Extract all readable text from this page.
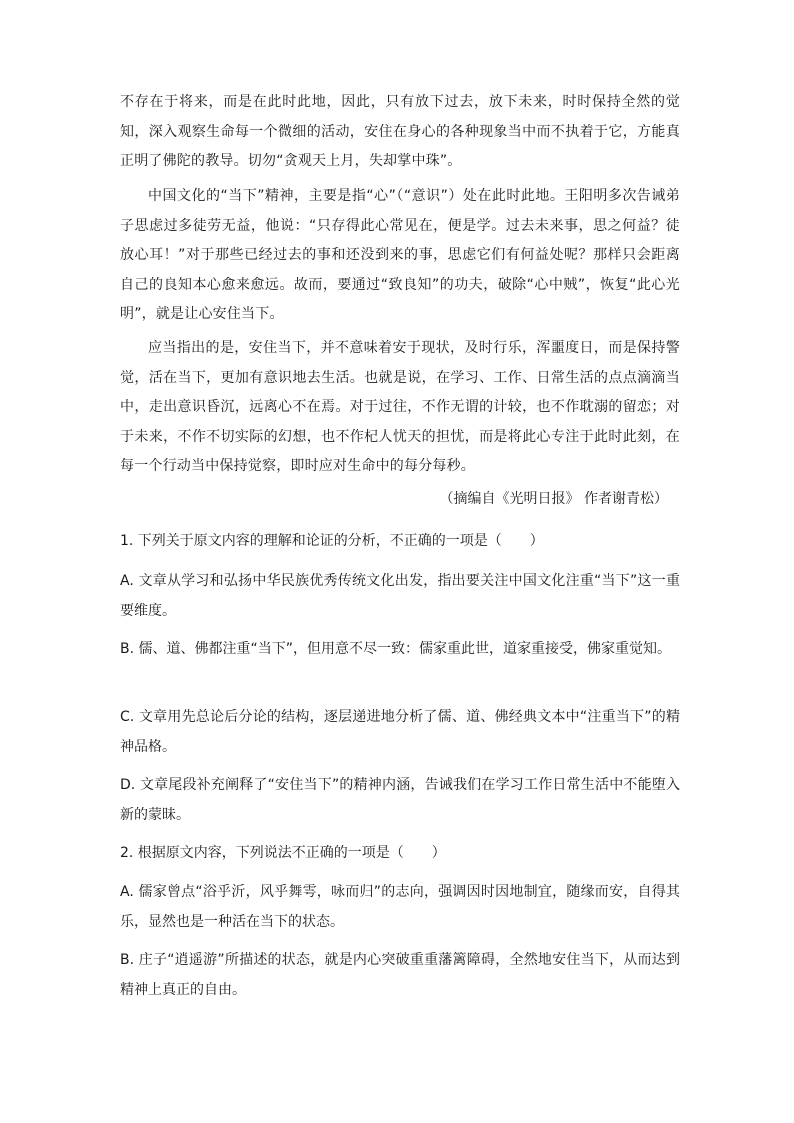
不存在于将来，而是在此时此地，因此，只有放下过去，放下未来，时时保持全然的觉知，深入观察生命每一个微细的活动，安住在身心的各种现象当中而不执着于它，方能真正明了佛陀的教导。切勿“贪观天上月，失却掌中珠”。

中国文化的“当下”精神，主要是指“心”（“意识”）处在此时此地。王阳明多次告诫弟子思虑过多徒劳无益，他说：“只存得此心常见在，便是学。过去未来事，思之何益？徒放心耳！”对于那些已经过去的事和还没到来的事，思虑它们有何益处呢？那样只会距离自己的良知本心愈来愈远。故而，要通过“致良知”的功夫，破除“心中贼”，恢复“此心光明”，就是让心安住当下。

应当指出的是，安住当下，并不意味着安于现状，及时行乐，浑噩度日，而是保持警觉，活在当下，更加有意识地去生活。也就是说，在学习、工作、日常生活的点点滴滴当中，走出意识昏沉，远离心不在焉。对于过往，不作无谓的计较，也不作耽溺的留恋；对于未来，不作不切实际的幻想，也不作杞人忧天的担忧，而是将此心专注于此时此刻，在每一个行动当中保持觉察，即时应对生命中的每分每秒。

（摘编自《光明日报》 作者谢青松）

1. 下列关于原文内容的理解和论证的分析，不正确的一项是（　　）

A. 文章从学习和弘扬中华民族优秀传统文化出发，指出要关注中国文化注重“当下”这一重要维度。

B. 儒、道、佛都注重“当下”，但用意不尽一致：儒家重此世，道家重接受，佛家重觉知。

C. 文章用先总论后分论的结构，逐层递进地分析了儒、道、佛经典文本中“注重当下”的精神品格。

D. 文章尾段补充阐释了“安住当下”的精神内涵，告诫我们在学习工作日常生活中不能堕入新的蒙昧。

2. 根据原文内容，下列说法不正确的一项是（　　）

A. 儒家曾点“浴乎沂，风乎舞雩，咏而归”的志向，强调因时因地制宜，随缘而安，自得其乐，显然也是一种活在当下的状态。

B. 庄子“逍遥游”所描述的状态，就是内心突破重重藩篱障碍，全然地安住当下，从而达到精神上真正的自由。
